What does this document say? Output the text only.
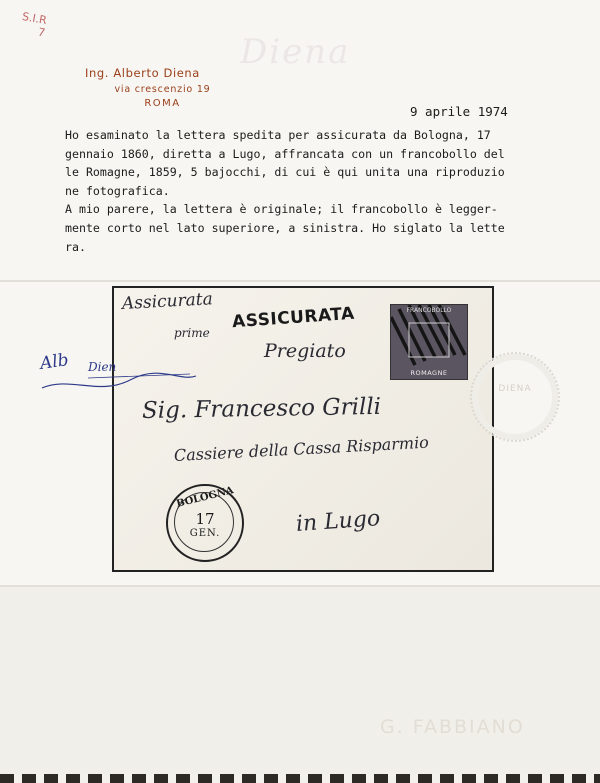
S.I.R
7	Diena
Ing. Alberto Diena
via crescenzio 19
ROMA
9 aprile 1974
Ho esaminato la lettera spedita per assicurata da Bologna, 17
gennaio 1860, diretta a Lugo, affrancata con un francobollo del
le Romagne, 1859, 5 bajocchi, di cui è qui unita una riproduzio
ne fotografica.
A mio parere, la lettera è originale; il francobollo è legger-
mente corto nel lato superiore, a sinistra. Ho siglato la lette
ra.
Assicurata
prime
ASSICURATA	FRANCOBOLLO
ROMAGNE
Pregiato
Sig. Francesco Grilli
Cassiere della Cassa Risparmio
in Lugo
BOLOGNA
17
GEN.
Alb Dien
DIENA
G. FABBIANO
